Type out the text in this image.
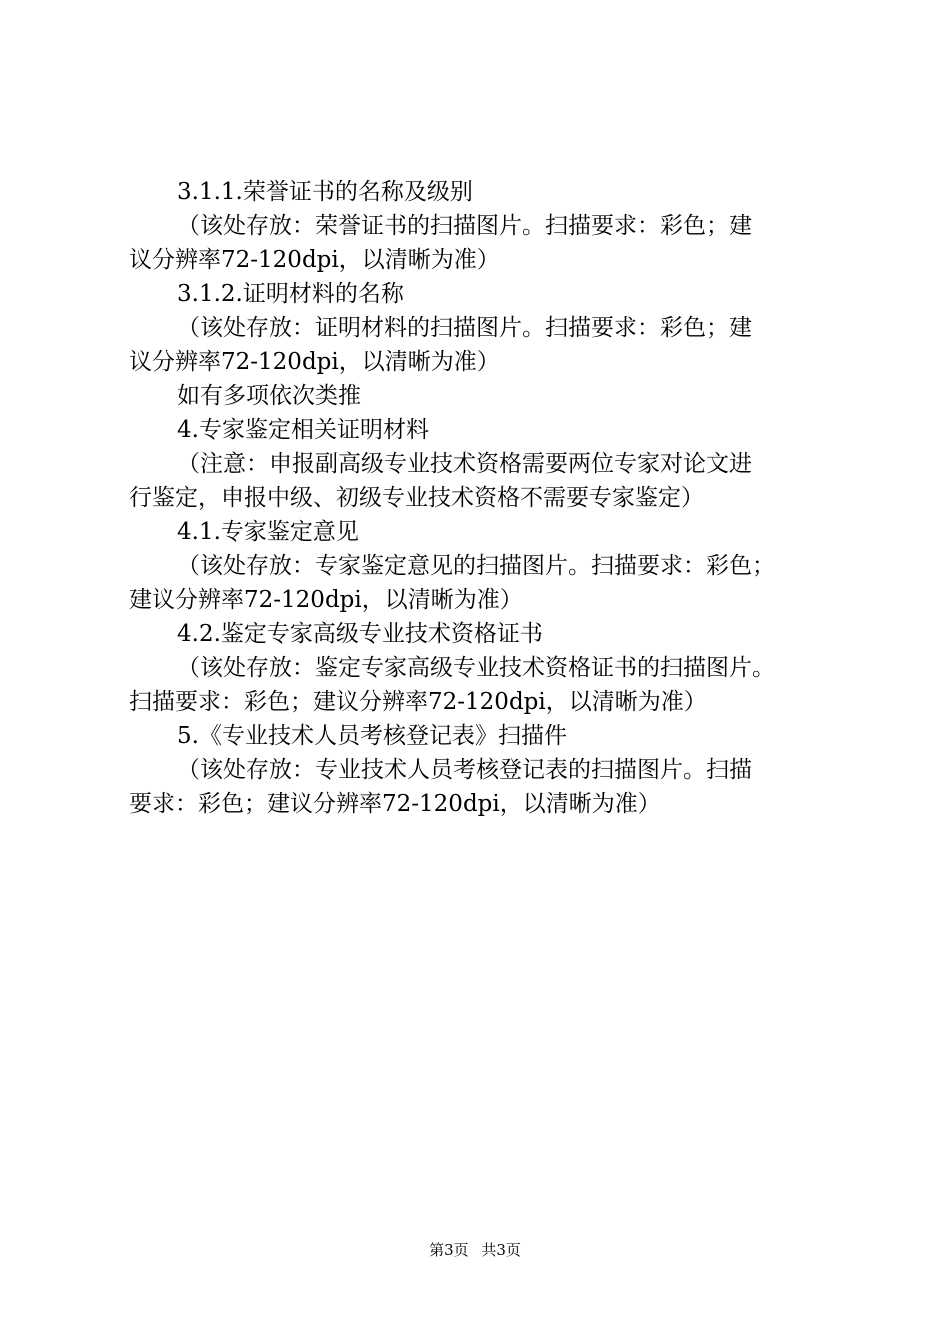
3.1.1.荣誉证书的名称及级别
（该处存放：荣誉证书的扫描图片。扫描要求：彩色；建
议分辨率72-120dpi，以清晰为准）
3.1.2.证明材料的名称
（该处存放：证明材料的扫描图片。扫描要求：彩色；建
议分辨率72-120dpi，以清晰为准）
如有多项依次类推
4.专家鉴定相关证明材料
（注意：申报副高级专业技术资格需要两位专家对论文进
行鉴定，申报中级、初级专业技术资格不需要专家鉴定）
4.1.专家鉴定意见
（该处存放：专家鉴定意见的扫描图片。扫描要求：彩色；
建议分辨率72-120dpi，以清晰为准）
4.2.鉴定专家高级专业技术资格证书
（该处存放：鉴定专家高级专业技术资格证书的扫描图片。
扫描要求：彩色；建议分辨率72-120dpi，以清晰为准）
5.《专业技术人员考核登记表》扫描件
（该处存放：专业技术人员考核登记表的扫描图片。扫描
要求：彩色；建议分辨率72-120dpi，以清晰为准）
第3页 共3页
